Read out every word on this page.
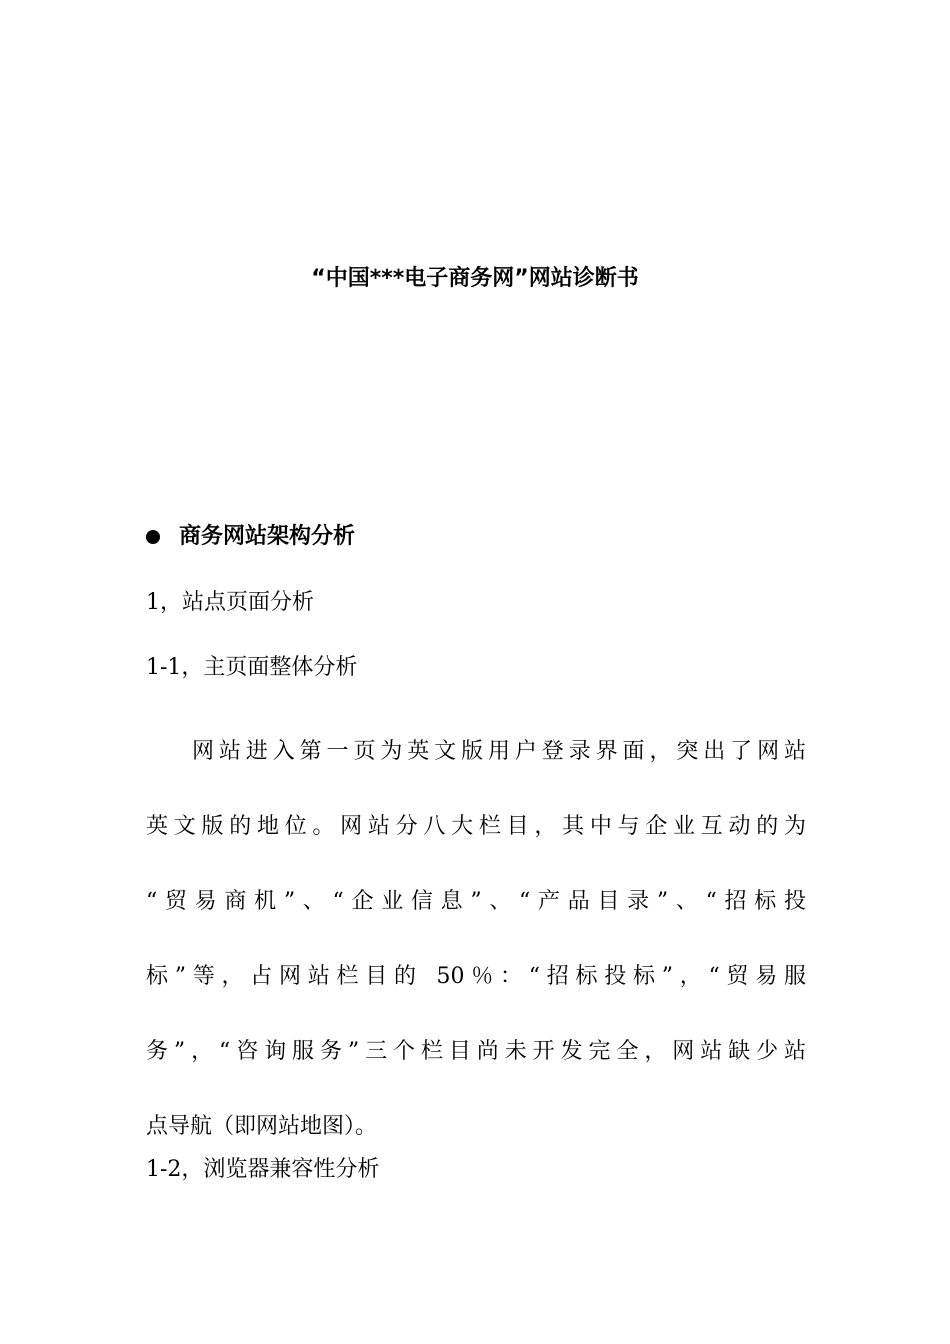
“中国***电子商务网”网站诊断书
商务网站架构分析
1，站点页面分析
1-1，主页面整体分析
网站进入第一页为英文版用户登录界面，突出了网站
英文版的地位。网站分八大栏目，其中与企业互动的为
“贸易商机”、“企业信息”、“产品目录”、“招标投
标”等，占网站栏目的 50％：“招标投标”，“贸易服
务”，“咨询服务”三个栏目尚未开发完全，网站缺少站
点导航（即网站地图）。
1-2，浏览器兼容性分析
